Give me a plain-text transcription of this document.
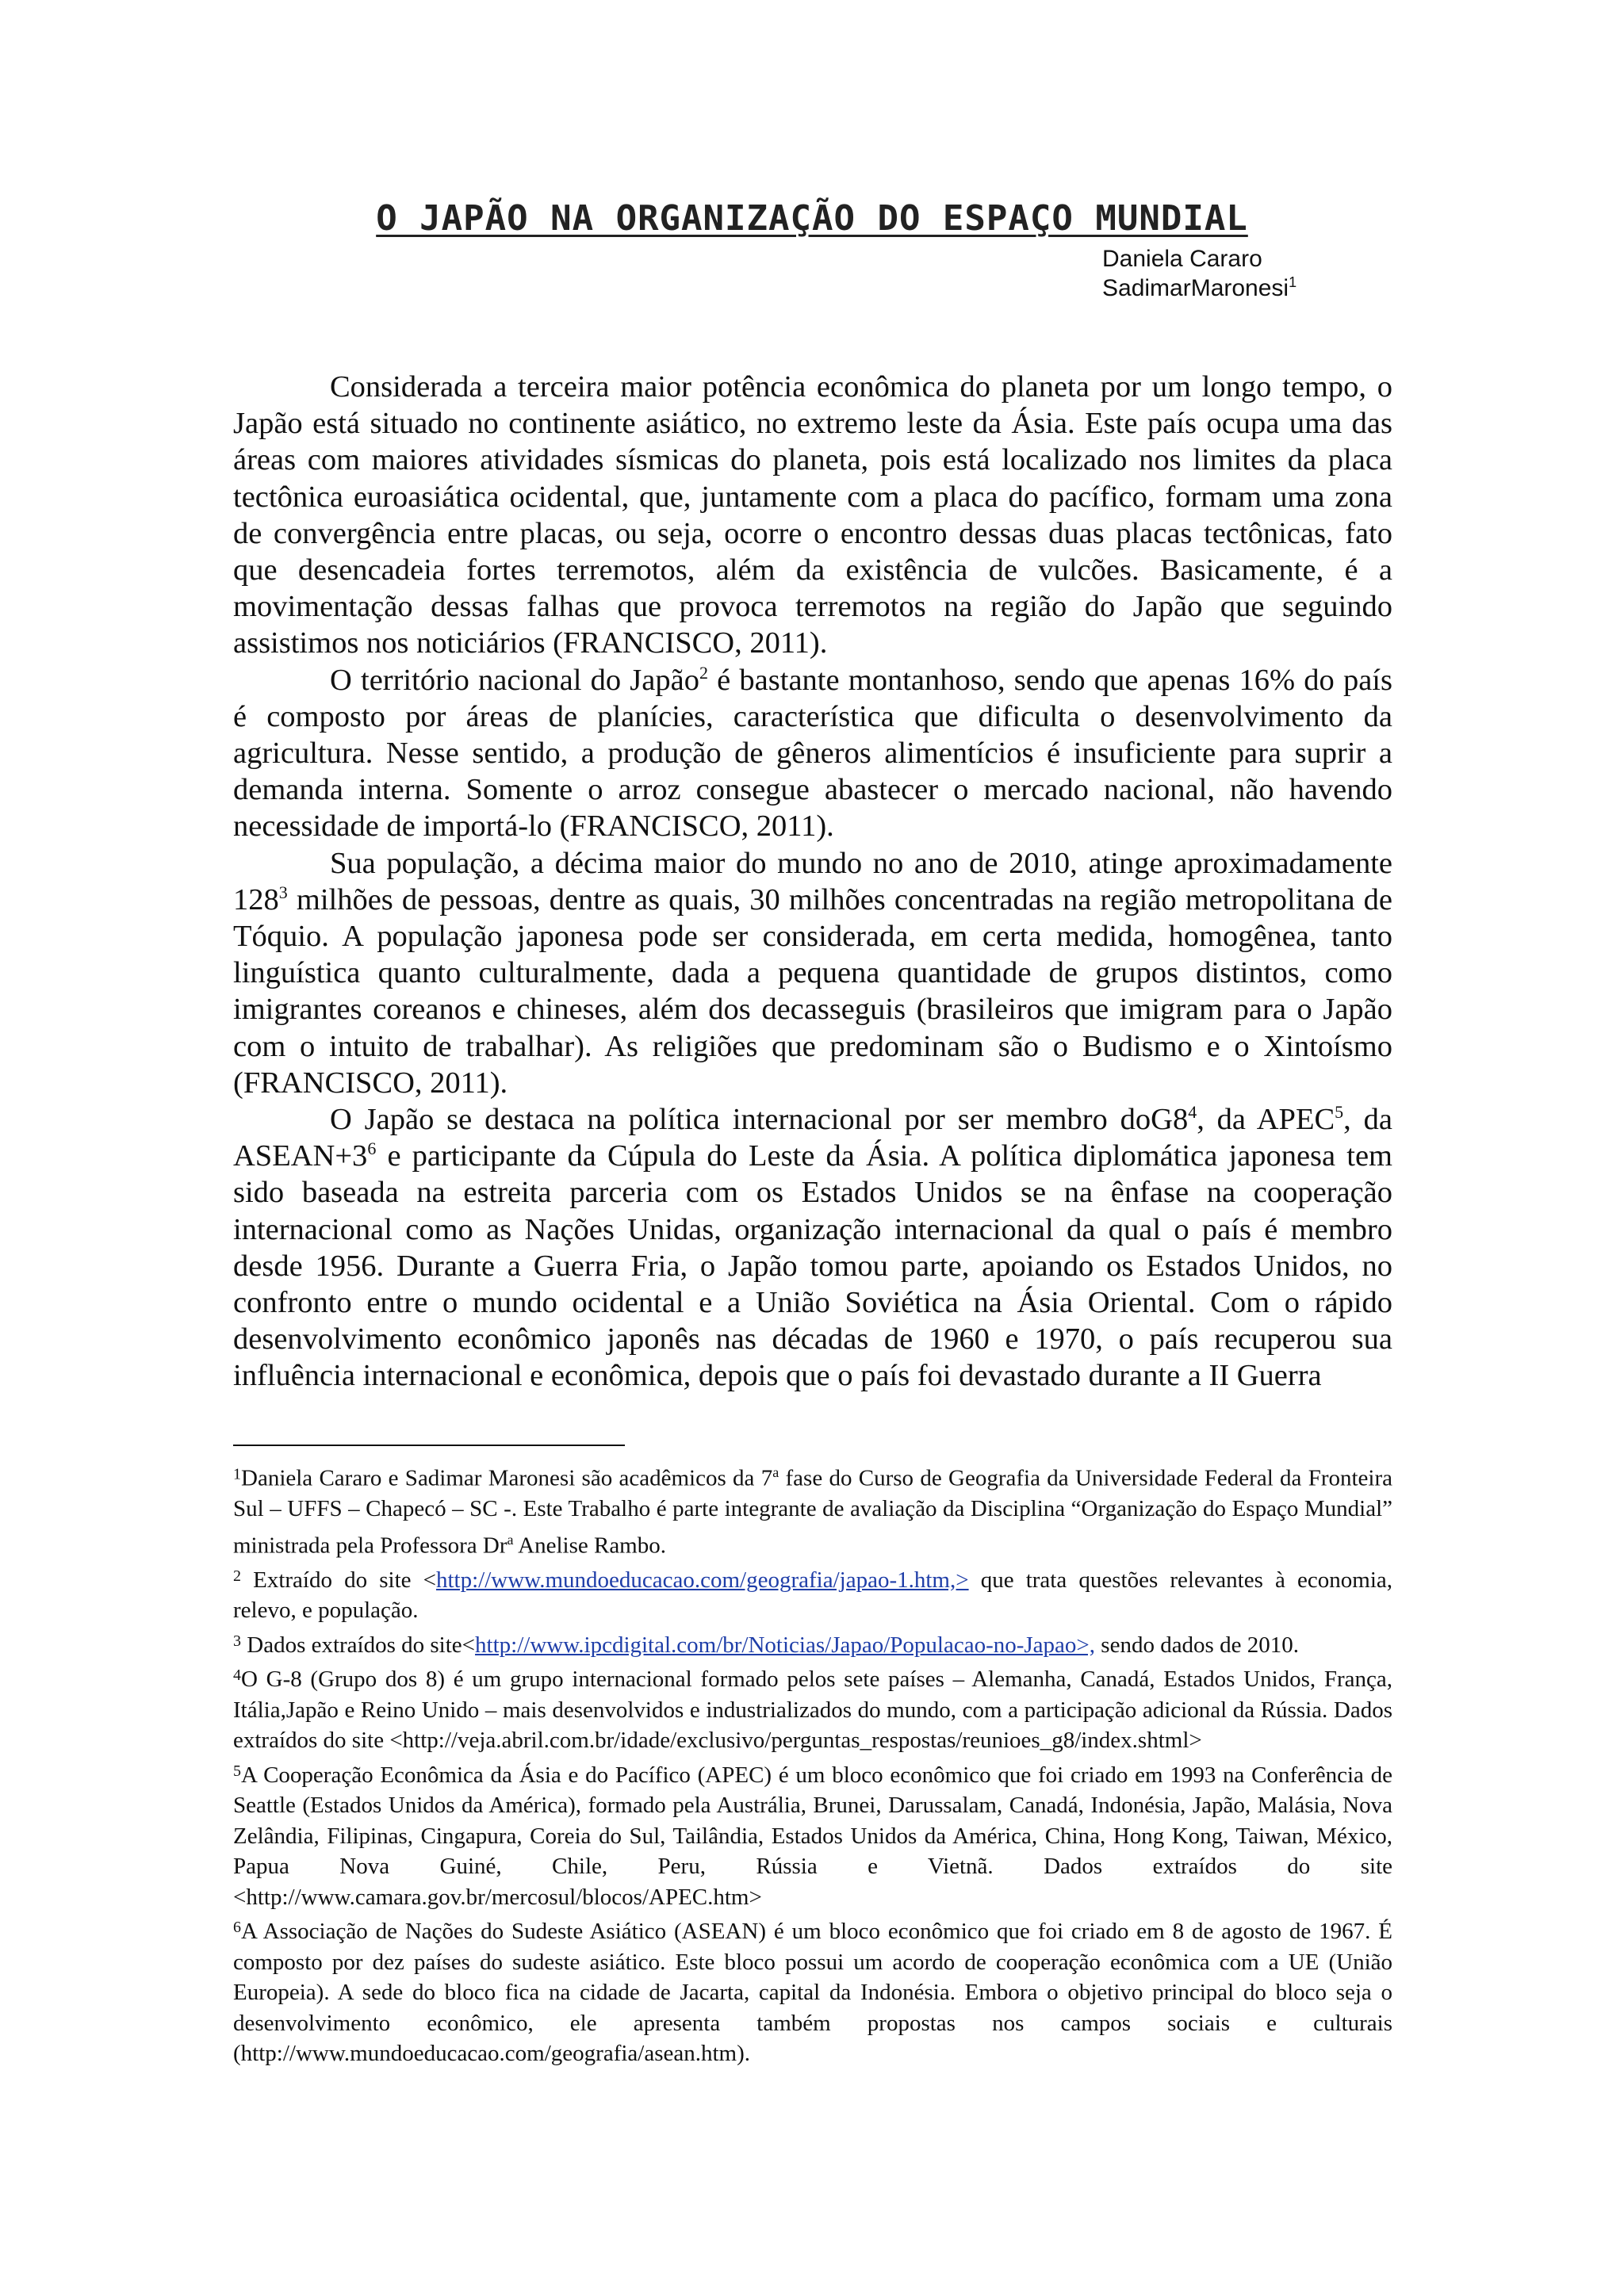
O JAPÃO NA ORGANIZAÇÃO DO ESPAÇO MUNDIAL
Daniela Cararo
SadimarMaronesi$^1$

Considerada a terceira maior potência econômica do planeta por um longo tempo, o Japão está situado no continente asiático, no extremo leste da Ásia. Este país ocupa uma das áreas com maiores atividades sísmicas do planeta, pois está localizado nos limites da placa tectônica euroasiática ocidental, que, juntamente com a placa do pacífico, formam uma zona de convergência entre placas, ou seja, ocorre o encontro dessas duas placas tectônicas, fato que desencadeia fortes terremotos, além da existência de vulcões. Basicamente, é a movimentação dessas falhas que provoca terremotos na região do Japão que seguindo assistimos nos noticiários (FRANCISCO, 2011).

O território nacional do Japão$^2$ é bastante montanhoso, sendo que apenas 16% do país é composto por áreas de planícies, característica que dificulta o desenvolvimento da agricultura. Nesse sentido, a produção de gêneros alimentícios é insuficiente para suprir a demanda interna. Somente o arroz consegue abastecer o mercado nacional, não havendo necessidade de importá-lo (FRANCISCO, 2011).

Sua população, a décima maior do mundo no ano de 2010, atinge aproximadamente $128^3$ milhões de pessoas, dentre as quais, 30 milhões concentradas na região metropolitana de Tóquio. A população japonesa pode ser considerada, em certa medida, homogênea, tanto linguística quanto culturalmente, dada a pequena quantidade de grupos distintos, como imigrantes coreanos e chineses, além dos decasseguis (brasileiros que imigram para o Japão com o intuito de trabalhar). As religiões que predominam são o Budismo e o Xintoísmo (FRANCISCO, 2011).

O Japão se destaca na política internacional por ser membro $doG8^4$, da APEC$^5$, da $ASEAN+3^6$ e participante da Cúpula do Leste da Ásia. A política diplomática japonesa tem sido baseada na estreita parceria com os Estados Unidos se na ênfase na cooperação internacional como as Nações Unidas, organização internacional da qual o país é membro desde 1956. Durante a Guerra Fria, o Japão tomou parte, apoiando os Estados Unidos, no confronto entre o mundo ocidental e a União Soviética na Ásia Oriental. Com o rápido desenvolvimento econômico japonês nas décadas de 1960 e 1970, o país recuperou sua influência internacional e econômica, depois que o país foi devastado durante a II Guerra

$^1$Daniela Cararo e Sadimar Maronesi são acadêmicos da 7$^a$ fase do Curso de Geografia da Universidade Federal da Fronteira Sul – UFFS – Chapecó – SC -. Este Trabalho é parte integrante de avaliação da Disciplina “Organização do Espaço Mundial” ministrada pela Professora Dr$^a$ Anelise Rambo.

$^2$ Extraído do site <http://www.mundoeducacao.com/geografia/japao-1.htm,> que trata questões relevantes à economia, relevo, e população.

$^3$ Dados extraídos do site<http://www.ipcdigital.com/br/Noticias/Japao/Populacao-no-Japao>, sendo dados de 2010.

$^4$O G-8 (Grupo dos 8) é um grupo internacional formado pelos sete países – Alemanha, Canadá, Estados Unidos, França, Itália,Japão e Reino Unido – mais desenvolvidos e industrializados do mundo, com a participação adicional da Rússia. Dados extraídos do site <http://veja.abril.com.br/idade/exclusivo/perguntas_respostas/reunioes_g8/index.shtml>

$^5$A Cooperação Econômica da Ásia e do Pacífico (APEC) é um bloco econômico que foi criado em 1993 na Conferência de Seattle (Estados Unidos da América), formado pela Austrália, Brunei, Darussalam, Canadá, Indonésia, Japão, Malásia, Nova Zelândia, Filipinas, Cingapura, Coreia do Sul, Tailândia, Estados Unidos da América, China, Hong Kong, Taiwan, México, Papua Nova Guiné, Chile, Peru, Rússia e Vietnã. Dados extraídos do site <http://www.camara.gov.br/mercosul/blocos/APEC.htm>

$^6$A Associação de Nações do Sudeste Asiático (ASEAN) é um bloco econômico que foi criado em 8 de agosto de 1967. É composto por dez países do sudeste asiático. Este bloco possui um acordo de cooperação econômica com a UE (União Europeia). A sede do bloco fica na cidade de Jacarta, capital da Indonésia. Embora o objetivo principal do bloco seja o desenvolvimento econômico, ele apresenta também propostas nos campos sociais e culturais (http://www.mundoeducacao.com/geografia/asean.htm).
